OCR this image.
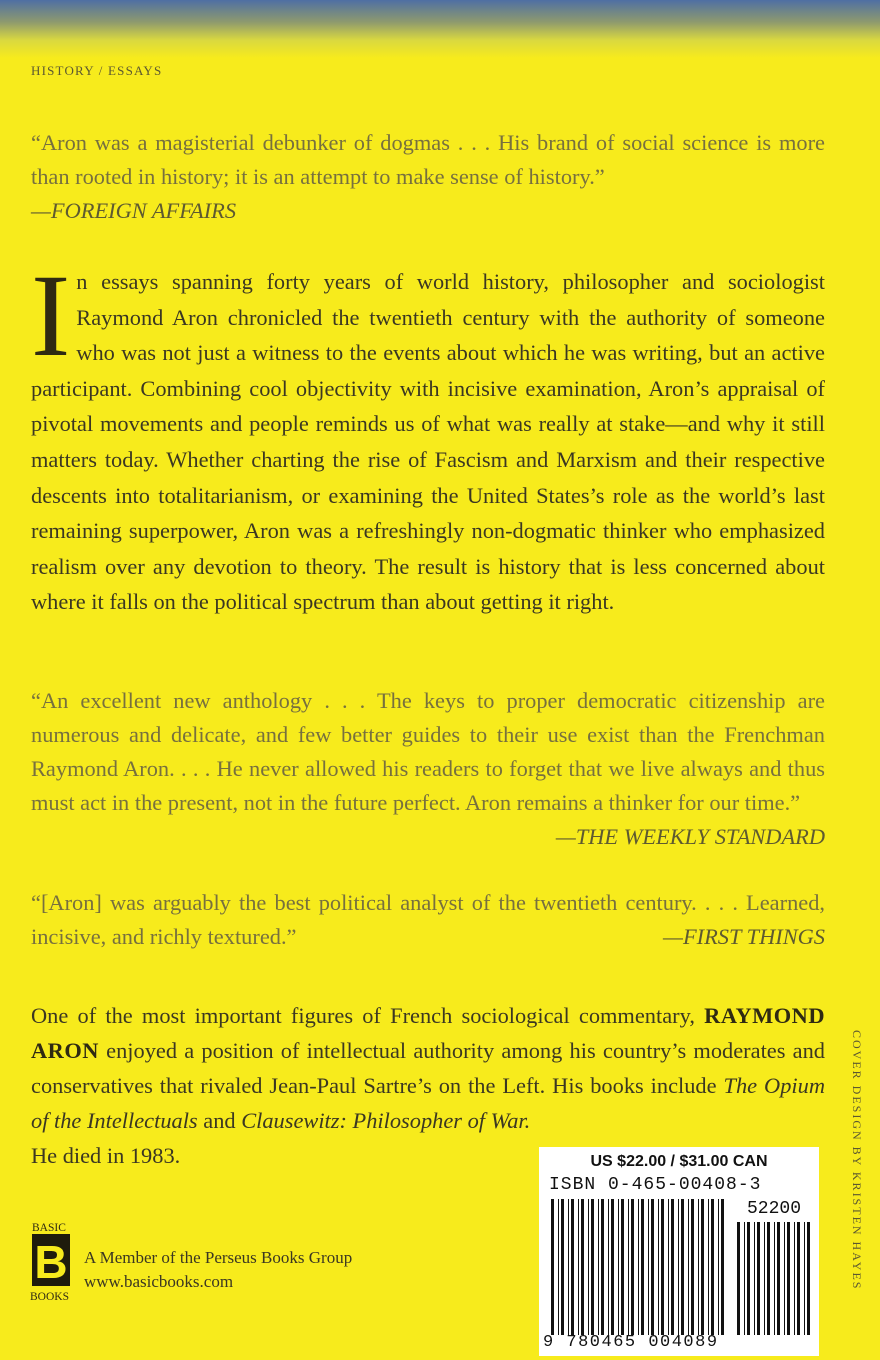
HISTORY / ESSAYS
“Aron was a magisterial debunker of dogmas . . . His brand of social science is more than rooted in history; it is an attempt to make sense of history.”
—FOREIGN AFFAIRS
In essays spanning forty years of world history, philosopher and sociologist Raymond Aron chronicled the twentieth century with the authority of someone who was not just a witness to the events about which he was writing, but an active participant. Combining cool objectivity with incisive examination, Aron’s appraisal of pivotal movements and people reminds us of what was really at stake—and why it still matters today. Whether charting the rise of Fascism and Marxism and their respective descents into totalitarianism, or examining the United States’s role as the world’s last remaining superpower, Aron was a refreshingly non-dogmatic thinker who emphasized realism over any devotion to theory. The result is history that is less concerned about where it falls on the political spectrum than about getting it right.
“An excellent new anthology . . . The keys to proper democratic citizenship are numerous and delicate, and few better guides to their use exist than the Frenchman Raymond Aron. . . . He never allowed his readers to forget that we live always and thus must act in the present, not in the future perfect. Aron remains a thinker for our time.”
—THE WEEKLY STANDARD
“[Aron] was arguably the best political analyst of the twentieth century. . . . Learned, incisive, and richly textured.”	—FIRST THINGS
One of the most important figures of French sociological commentary, RAYMOND ARON enjoyed a position of intellectual authority among his country’s moderates and conservatives that rivaled Jean-Paul Sartre’s on the Left. His books include The Opium of the Intellectuals and Clausewitz: Philosopher of War.
He died in 1983.
BASIC
B
BOOKS
A Member of the Perseus Books Group
www.basicbooks.com
US $22.00 / $31.00 CAN
ISBN 0-465-00408-3
52200
9 780465 004089
COVER DESIGN BY KRISTEN HAYES
